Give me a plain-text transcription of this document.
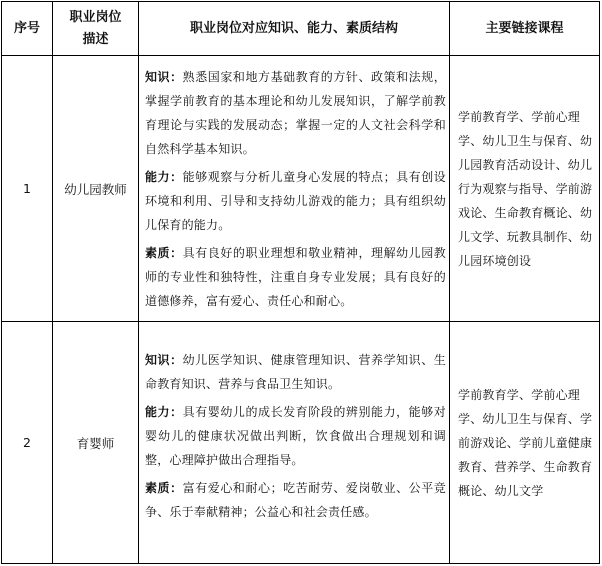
序号	职业岗位描述	职业岗位对应知识、能力、素质结构	主要链接课程
1	幼儿园教师	知识：熟悉国家和地方基础教育的方针、政策和法规，掌握学前教育的基本理论和幼儿发展知识，了解学前教育理论与实践的发展动态；掌握一定的人文社会科学和自然科学基本知识。
能力：能够观察与分析儿童身心发展的特点；具有创设环境和利用、引导和支持幼儿游戏的能力；具有组织幼儿保育的能力。
素质：具有良好的职业理想和敬业精神，理解幼儿园教师的专业性和独特性，注重自身专业发展；具有良好的道德修养，富有爱心、责任心和耐心。	学前教育学、学前心理学、幼儿卫生与保育、幼儿园教育活动设计、幼儿行为观察与指导、学前游戏论、生命教育概论、幼儿文学、玩教具制作、幼儿园环境创设
2	育婴师	知识：幼儿医学知识、健康管理知识、营养学知识、生命教育知识、营养与食品卫生知识。
能力：具有婴幼儿的成长发育阶段的辨别能力，能够对婴幼儿的健康状况做出判断，饮食做出合理规划和调整，心理障护做出合理指导。
素质：富有爱心和耐心；吃苦耐劳、爱岗敬业、公平竞争、乐于奉献精神；公益心和社会责任感。	学前教育学、学前心理学、幼儿卫生与保育、学前游戏论、学前儿童健康教育、营养学、生命教育概论、幼儿文学
